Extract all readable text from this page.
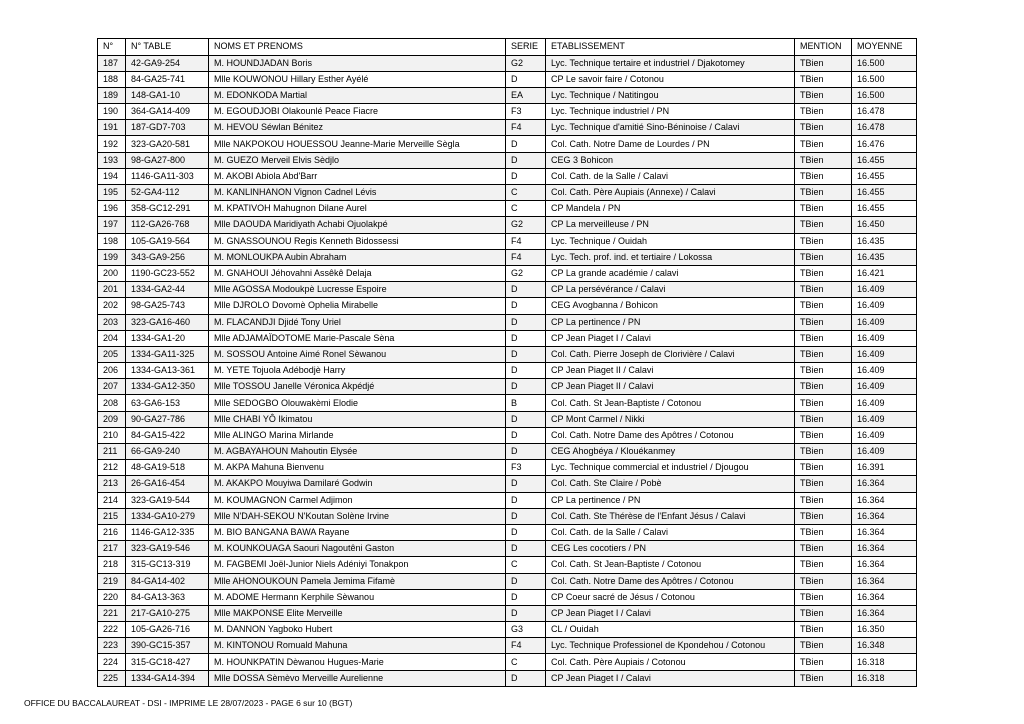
N°	N° TABLE	NOMS ET PRENOMS	SERIE	ETABLISSEMENT	MENTION	MOYENNE
187	42-GA9-254	M. HOUNDJADAN Boris	G2	Lyc. Technique tertaire et industriel / Djakotomey	TBien	16.500
188	84-GA25-741	Mlle KOUWONOU Hillary Esther Ayélé	D	CP Le savoir faire / Cotonou	TBien	16.500
189	148-GA1-10	M. EDONKODA Martial	EA	Lyc. Technique / Natitingou	TBien	16.500
190	364-GA14-409	M. EGOUDJOBI Olakounlé Peace Fiacre	F3	Lyc. Technique industriel / PN	TBien	16.478
191	187-GD7-703	M. HEVOU Séwlan Bénitez	F4	Lyc. Technique d'amitié Sino-Béninoise / Calavi	TBien	16.478
192	323-GA20-581	Mlle NAKPOKOU HOUESSOU Jeanne-Marie Merveille Sègla	D	Col. Cath. Notre Dame de Lourdes / PN	TBien	16.476
193	98-GA27-800	M. GUEZO Merveil Elvis Sèdjlo	D	CEG 3 Bohicon	TBien	16.455
194	1146-GA11-303	M. AKOBI Abiola Abd'Barr	D	Col. Cath. de la Salle / Calavi	TBien	16.455
195	52-GA4-112	M. KANLINHANON Vignon Cadnel Lévis	C	Col. Cath. Père Aupiais (Annexe) / Calavi	TBien	16.455
196	358-GC12-291	M. KPATIVOH Mahugnon Dilane Aurel	C	CP Mandela / PN	TBien	16.455
197	112-GA26-768	Mlle DAOUDA Maridiyath Achabi Ojuolakpé	G2	CP La merveilleuse / PN	TBien	16.450
198	105-GA19-564	M. GNASSOUNOU Regis Kenneth Bidossessi	F4	Lyc. Technique / Ouidah	TBien	16.435
199	343-GA9-256	M. MONLOUKPA Aubin Abraham	F4	Lyc. Tech. prof. ind. et tertiaire / Lokossa	TBien	16.435
200	1190-GC23-552	M. GNAHOUI Jéhovahni Assêkê Delaja	G2	CP La grande académie / calavi	TBien	16.421
201	1334-GA2-44	Mlle AGOSSA Modoukpè Lucresse Espoire	D	CP La persévérance / Calavi	TBien	16.409
202	98-GA25-743	Mlle DJROLO Dovomè Ophelia Mirabelle	D	CEG Avogbanna / Bohicon	TBien	16.409
203	323-GA16-460	M. FLACANDJI Djidé Tony Uriel	D	CP La pertinence / PN	TBien	16.409
204	1334-GA1-20	Mlle ADJAMAÏDOTOME Marie-Pascale Sèna	D	CP Jean Piaget I / Calavi	TBien	16.409
205	1334-GA11-325	M. SOSSOU Antoine Aimé Ronel Sèwanou	D	Col. Cath. Pierre Joseph de Clorivière / Calavi	TBien	16.409
206	1334-GA13-361	M. YETE Tojuola Adébodjè Harry	D	CP Jean Piaget II / Calavi	TBien	16.409
207	1334-GA12-350	Mlle TOSSOU Janelle Véronica Akpédjé	D	CP Jean Piaget II / Calavi	TBien	16.409
208	63-GA6-153	Mlle SEDOGBO Olouwakèmi Elodie	B	Col. Cath. St Jean-Baptiste / Cotonou	TBien	16.409
209	90-GA27-786	Mlle CHABI YÔ Ikimatou	D	CP Mont Carmel / Nikki	TBien	16.409
210	84-GA15-422	Mlle ALINGO Marina Mirlande	D	Col. Cath. Notre Dame des Apôtres / Cotonou	TBien	16.409
211	66-GA9-240	M. AGBAYAHOUN Mahoutin Elysée	D	CEG Ahogbéya / Klouékanmey	TBien	16.409
212	48-GA19-518	M. AKPA Mahuna Bienvenu	F3	Lyc. Technique commercial et industriel / Djougou	TBien	16.391
213	26-GA16-454	M. AKAKPO Mouyiwa Damilaré Godwin	D	Col. Cath. Ste Claire / Pobè	TBien	16.364
214	323-GA19-544	M. KOUMAGNON Carmel Adjimon	D	CP La pertinence / PN	TBien	16.364
215	1334-GA10-279	Mlle N'DAH-SEKOU N'Koutan Solène Irvine	D	Col. Cath. Ste Thérèse de l'Enfant Jésus / Calavi	TBien	16.364
216	1146-GA12-335	M. BIO BANGANA BAWA Rayane	D	Col. Cath. de la Salle / Calavi	TBien	16.364
217	323-GA19-546	M. KOUNKOUAGA Saouri Nagoutêni Gaston	D	CEG Les cocotiers / PN	TBien	16.364
218	315-GC13-319	M. FAGBEMI Joël-Junior Niels Adéniyi Tonakpon	C	Col. Cath. St Jean-Baptiste / Cotonou	TBien	16.364
219	84-GA14-402	Mlle AHONOUKOUN Pamela Jemima Fifamè	D	Col. Cath. Notre Dame des Apôtres / Cotonou	TBien	16.364
220	84-GA13-363	M. ADOME Hermann Kerphile Sèwanou	D	CP Coeur sacré de Jésus / Cotonou	TBien	16.364
221	217-GA10-275	Mlle MAKPONSE Elite Merveille	D	CP Jean Piaget I / Calavi	TBien	16.364
222	105-GA26-716	M. DANNON Yagboko Hubert	G3	CL / Ouidah	TBien	16.350
223	390-GC15-357	M. KINTONOU Romuald Mahuna	F4	Lyc. Technique Professionel de Kpondehou / Cotonou	TBien	16.348
224	315-GC18-427	M. HOUNKPATIN Dèwanou Hugues-Marie	C	Col. Cath. Père Aupiais / Cotonou	TBien	16.318
225	1334-GA14-394	Mlle DOSSA Sèmèvo Merveille Aurelienne	D	CP Jean Piaget I / Calavi	TBien	16.318
OFFICE DU BACCALAUREAT - DSI - IMPRIME LE 28/07/2023 - PAGE 6 sur 10 (BGT)
